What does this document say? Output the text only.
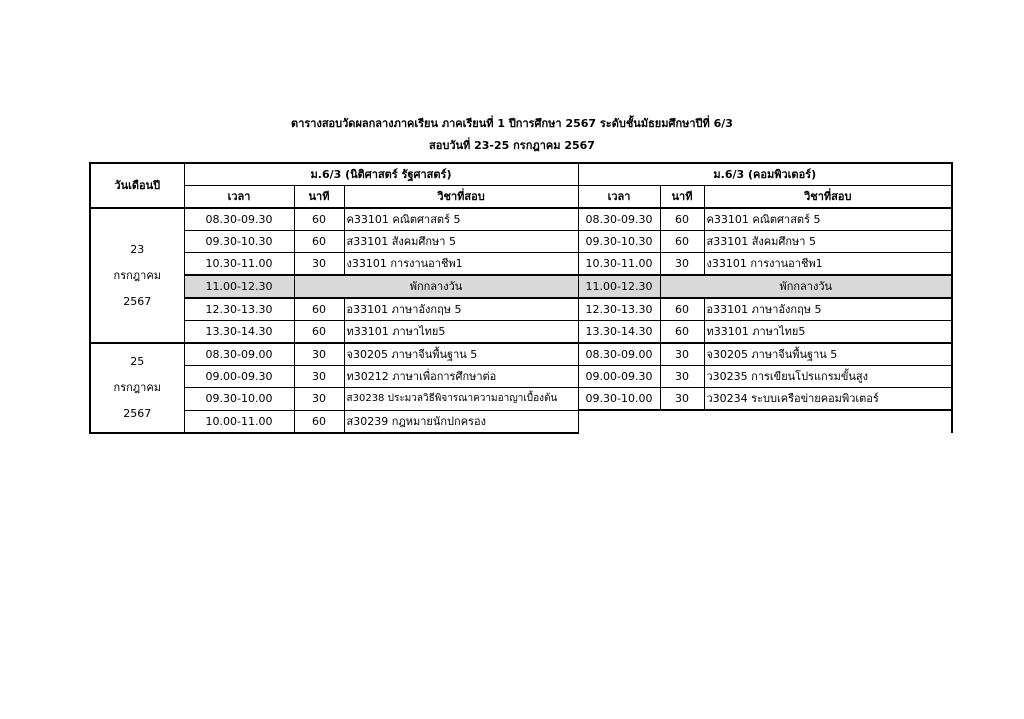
ตารางสอบวัดผลกลางภาคเรียน ภาคเรียนที่ 1 ปีการศึกษา 2567 ระดับชั้นมัธยมศึกษาปีที่ 6/3
สอบวันที่ 23-25 กรกฎาคม 2567
วันเดือนปี	ม.6/3 (นิติศาสตร์ รัฐศาสตร์)			ม.6/3 (คอมพิวเตอร์)		
	เวลา	นาที	วิชาที่สอบ	เวลา	นาที	วิชาที่สอบ

23
กรกฎาคม
2567	08.30-09.30	60	ค33101 คณิตศาสตร์ 5	08.30-09.30	60	ค33101 คณิตศาสตร์ 5
	09.30-10.30	60	ส33101 สังคมศึกษา 5	09.30-10.30	60	ส33101 สังคมศึกษา 5
	10.30-11.00	30	ง33101 การงานอาชีพ1	10.30-11.00	30	ง33101 การงานอาชีพ1
	11.00-12.30	พักกลางวัน		11.00-12.30	พักกลางวัน	
	12.30-13.30	60	อ33101 ภาษาอังกฤษ 5	12.30-13.30	60	อ33101 ภาษาอังกฤษ 5
	13.30-14.30	60	ท33101 ภาษาไทย5	13.30-14.30	60	ท33101 ภาษาไทย5

25
กรกฎาคม
2567	08.30-09.00	30	จ30205 ภาษาจีนพื้นฐาน 5	08.30-09.00	30	จ30205 ภาษาจีนพื้นฐาน 5
	09.00-09.30	30	ท30212 ภาษาเพื่อการศึกษาต่อ	09.00-09.30	30	ว30235 การเขียนโปรแกรมขั้นสูง
	09.30-10.00	30	ส30238 ประมวลวิธีพิจารณาความอาญาเบื้องต้น	09.30-10.00	30	ว30234 ระบบเครือข่ายคอมพิวเตอร์
	10.00-11.00	60	ส30239 กฎหมายนักปกครอง			
